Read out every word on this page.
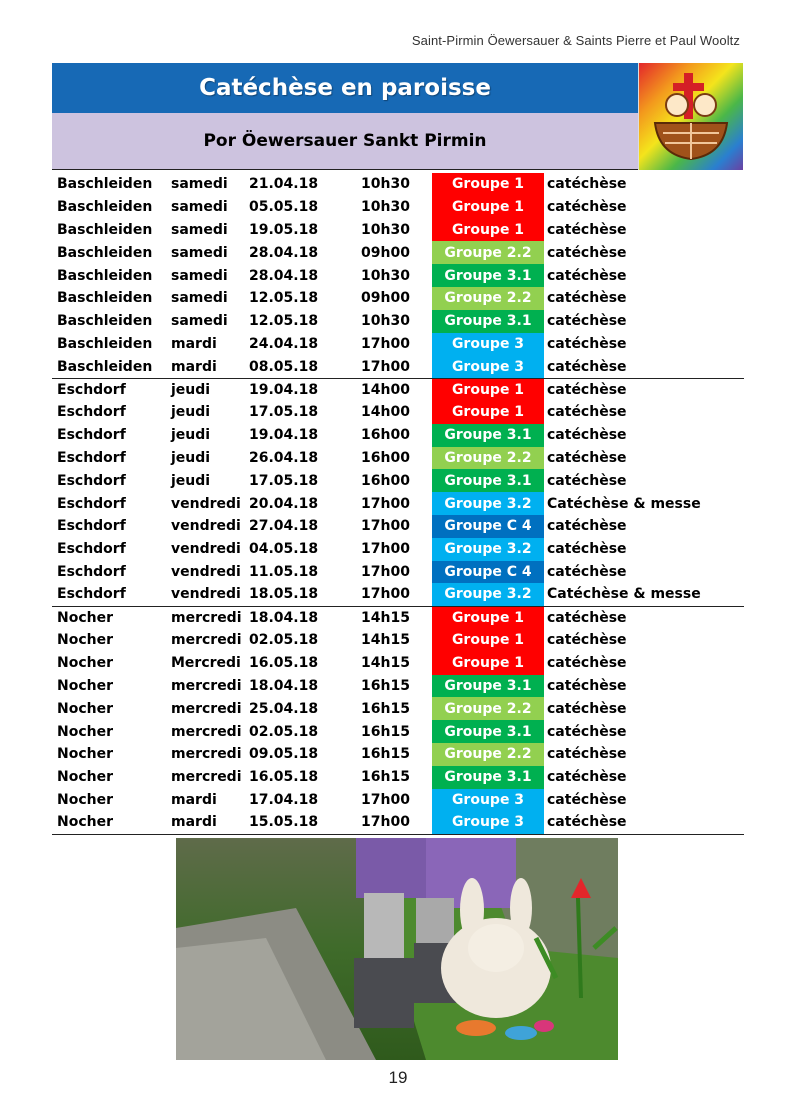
Saint-Pirmin Öewersauer & Saints Pierre et Paul Wooltz
Catéchèse en paroisse
Por Öewersauer Sankt Pirmin
Baschleiden	samedi	21.04.18	10h30	Groupe 1	catéchèse
Baschleiden	samedi	05.05.18	10h30	Groupe 1	catéchèse
Baschleiden	samedi	19.05.18	10h30	Groupe 1	catéchèse
Baschleiden	samedi	28.04.18	09h00	Groupe 2.2	catéchèse
Baschleiden	samedi	28.04.18	10h30	Groupe 3.1	catéchèse
Baschleiden	samedi	12.05.18	09h00	Groupe 2.2	catéchèse
Baschleiden	samedi	12.05.18	10h30	Groupe 3.1	catéchèse
Baschleiden	mardi	24.04.18	17h00	Groupe 3	catéchèse
Baschleiden	mardi	08.05.18	17h00	Groupe 3	catéchèse
Eschdorf	jeudi	19.04.18	14h00	Groupe 1	catéchèse
Eschdorf	jeudi	17.05.18	14h00	Groupe 1	catéchèse
Eschdorf	jeudi	19.04.18	16h00	Groupe 3.1	catéchèse
Eschdorf	jeudi	26.04.18	16h00	Groupe 2.2	catéchèse
Eschdorf	jeudi	17.05.18	16h00	Groupe 3.1	catéchèse
Eschdorf	vendredi	20.04.18	17h00	Groupe 3.2	Catéchèse & messe
Eschdorf	vendredi	27.04.18	17h00	Groupe C 4	catéchèse
Eschdorf	vendredi	04.05.18	17h00	Groupe 3.2	catéchèse
Eschdorf	vendredi	11.05.18	17h00	Groupe C 4	catéchèse
Eschdorf	vendredi	18.05.18	17h00	Groupe 3.2	Catéchèse & messe
Nocher	mercredi	18.04.18	14h15	Groupe 1	catéchèse
Nocher	mercredi	02.05.18	14h15	Groupe 1	catéchèse
Nocher	Mercredi	16.05.18	14h15	Groupe 1	catéchèse
Nocher	mercredi	18.04.18	16h15	Groupe 3.1	catéchèse
Nocher	mercredi	25.04.18	16h15	Groupe 2.2	catéchèse
Nocher	mercredi	02.05.18	16h15	Groupe 3.1	catéchèse
Nocher	mercredi	09.05.18	16h15	Groupe 2.2	catéchèse
Nocher	mercredi	16.05.18	16h15	Groupe 3.1	catéchèse
Nocher	mardi	17.04.18	17h00	Groupe 3	catéchèse
Nocher	mardi	15.05.18	17h00	Groupe 3	catéchèse
19
